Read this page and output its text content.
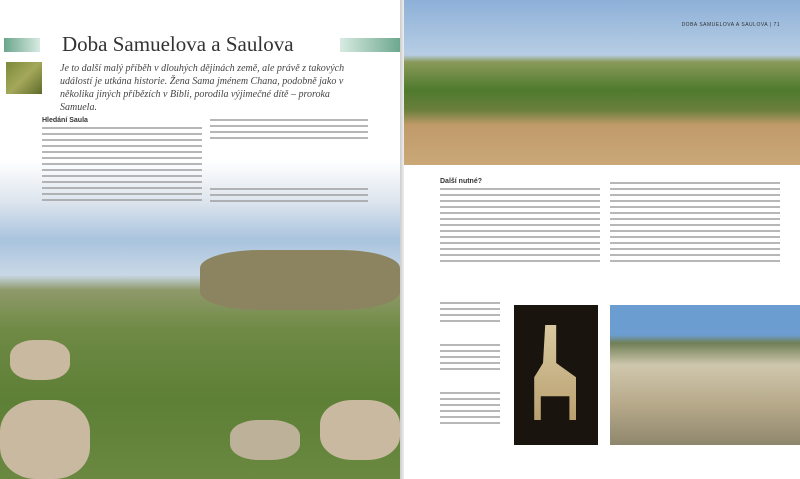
Doba Samuelova a Saulova
Je to další malý příběh v dlouhých dějinách země, ale právě z takových událostí je utkána historie. Žena Sama jménem Chana, podobně jako v několika jiných příbězích v Bibli, porodila výjimečné dítě – proroka Samuela.
Hledání Saula
DOBA SAMUELOVA A SAULOVA | 71
Další nutné?
